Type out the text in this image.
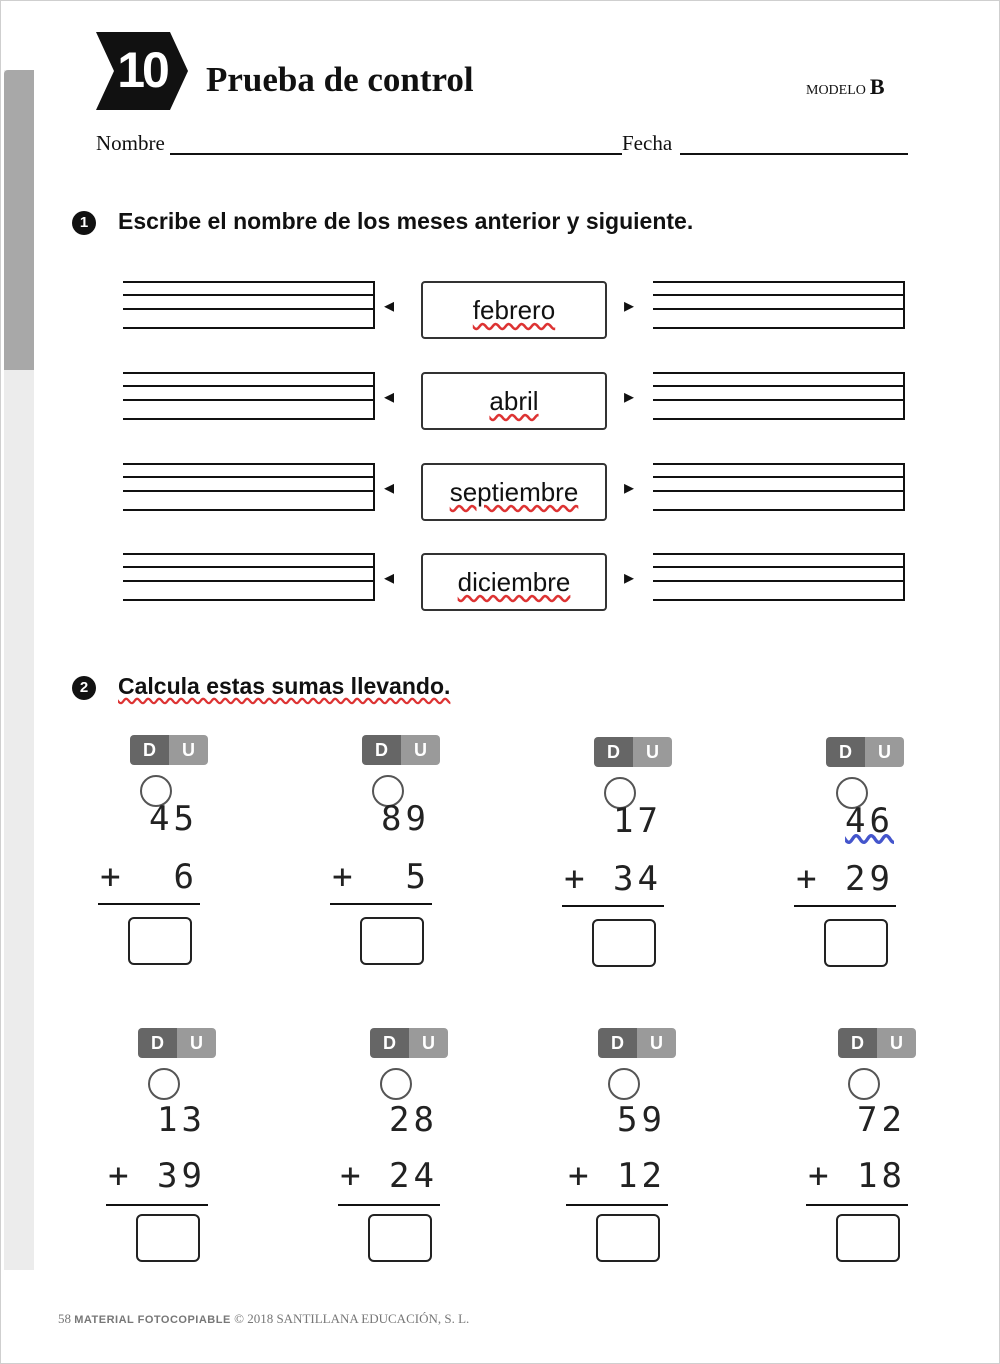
10 Prueba de control	MODELO B
Nombre	Fecha
1	Escribe el nombre de los meses anterior y siguiente.
◂	febrero	▸
◂	abril	▸
◂ septiembre ▸
◂ diciembre	▸
2	Calcula estas sumas llevando.
D	U
45
+  6
D	U
89
+  5
D	U
17
+ 34
D	U
46
+ 29
D	U
13
+ 39
D	U
28
+ 24
D	U
59
+ 12
D	U
72
+ 18
58 MATERIAL FOTOCOPIABLE © 2018 SANTILLANA EDUCACIÓN, S. L.
